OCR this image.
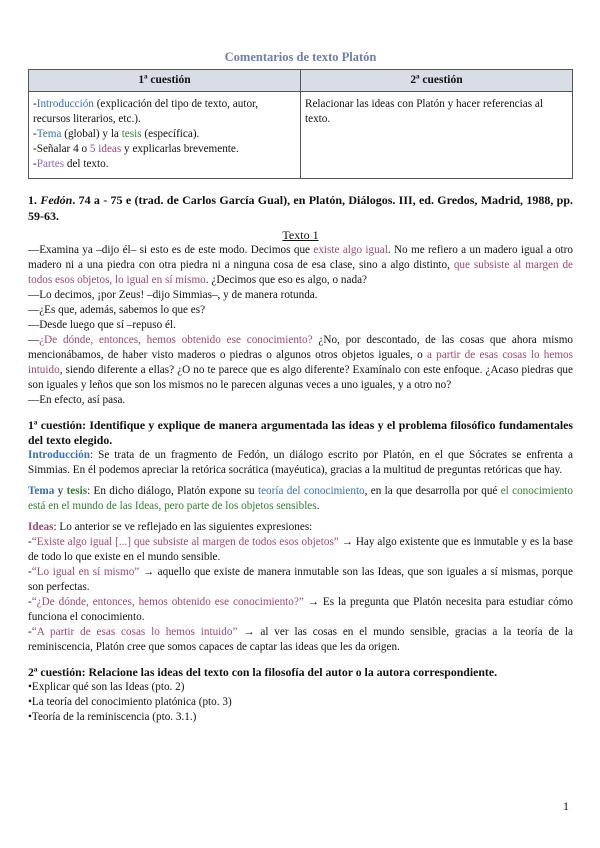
Comentarios de texto Platón
1ª cuestión	2ª cuestión

-Introducción (explicación del tipo de texto, autor, recursos literarios, etc.).
-Tema (global) y la tesis (específica).
-Señalar 4 o 5 ideas y explicarlas brevemente.
-Partes del texto.	Relacionar las ideas con Platón y hacer referencias al texto.
1. Fedón. 74 a - 75 e (trad. de Carlos García Gual), en Platón, Diálogos. III, ed. Gredos, Madrid, 1988, pp. 59-63.
Texto 1

—Examina ya –dijo él– si esto es de este modo. Decimos que existe algo igual. No me refiero a un madero igual a otro madero ni a una piedra con otra piedra ni a ninguna cosa de esa clase, sino a algo distinto, que subsiste al margen de todos esos objetos, lo igual en sí mismo. ¿Decimos que eso es algo, o nada?

—Lo decimos, ¡por Zeus! –dijo Simmias–, y de manera rotunda.

—¿Es que, además, sabemos lo que es?

—Desde luego que sí –repuso él.

—¿De dónde, entonces, hemos obtenido ese conocimiento? ¿No, por descontado, de las cosas que ahora mismo mencionábamos, de haber visto maderos o piedras o algunos otros objetos iguales, o a partir de esas cosas lo hemos intuido, siendo diferente a ellas? ¿O no te parece que es algo diferente? Examínalo con este enfoque. ¿Acaso piedras que son iguales y leños que son los mismos no le parecen algunas veces a uno iguales, y a otro no?

—En efecto, así pasa.

1ª cuestión: Identifique y explique de manera argumentada las ideas y el problema filosófico fundamentales del texto elegido.

Introducción: Se trata de un fragmento de Fedón, un diálogo escrito por Platón, en el que Sócrates se enfrenta a Simmias. En él podemos apreciar la retórica socrática (mayéutica), gracias a la multitud de preguntas retóricas que hay.

Tema y tesis: En dicho diálogo, Platón expone su teoría del conocimiento, en la que desarrolla por qué el conocimiento está en el mundo de las Ideas, pero parte de los objetos sensibles.

Ideas: Lo anterior se ve reflejado en las siguientes expresiones:

-“Existe algo igual [...] que subsiste al margen de todos esos objetos” → Hay algo existente que es inmutable y es la base de todo lo que existe en el mundo sensible.

-“Lo igual en sí mismo” → aquello que existe de manera inmutable son las Ideas, que son iguales a sí mismas, porque son perfectas.

-“¿De dónde, entonces, hemos obtenido ese conocimiento?” → Es la pregunta que Platón necesita para estudiar cómo funciona el conocimiento.

-“A partir de esas cosas lo hemos intuido” → al ver las cosas en el mundo sensible, gracias a la teoría de la reminiscencia, Platón cree que somos capaces de captar las ideas que les da origen.

2ª cuestión: Relacione las ideas del texto con la filosofía del autor o la autora correspondiente.

•Explicar qué son las Ideas (pto. 2)

•La teoría del conocimiento platónica (pto. 3)

•Teoría de la reminiscencia (pto. 3.1.)

1
